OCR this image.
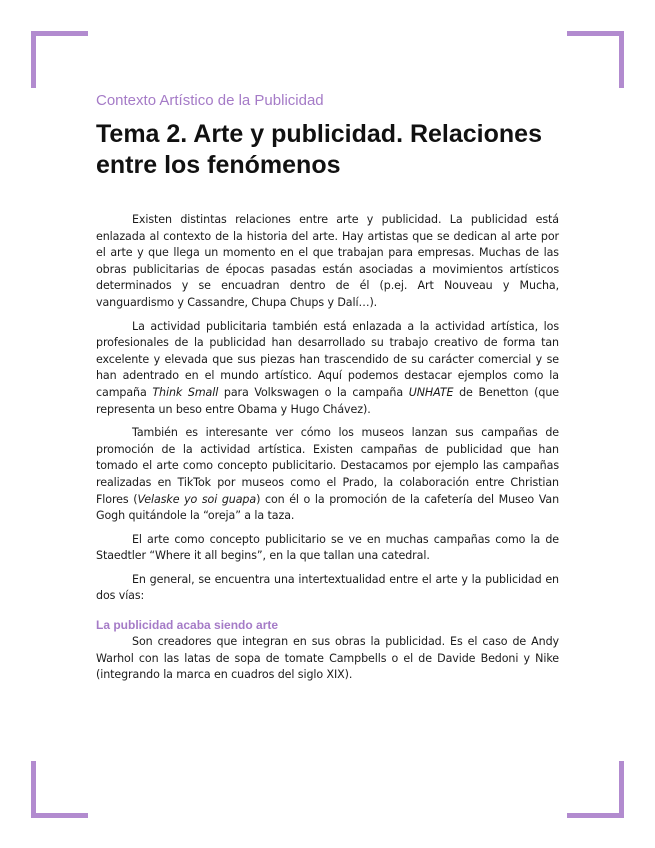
Contexto Artístico de la Publicidad
Tema 2. Arte y publicidad. Relaciones entre los fenómenos

Existen distintas relaciones entre arte y publicidad. La publicidad está enlazada al contexto de la historia del arte. Hay artistas que se dedican al arte por el arte y que llega un momento en el que trabajan para empresas. Muchas de las obras publicitarias de épocas pasadas están asociadas a movimientos artísticos determinados y se encuadran dentro de él (p.ej. Art Nouveau y Mucha, vanguardismo y Cassandre, Chupa Chups y Dalí…).

La actividad publicitaria también está enlazada a la actividad artística, los profesionales de la publicidad han desarrollado su trabajo creativo de forma tan excelente y elevada que sus piezas han trascendido de su carácter comercial y se han adentrado en el mundo artístico. Aquí podemos destacar ejemplos como la campaña Think Small para Volkswagen o la campaña UNHATE de Benetton (que representa un beso entre Obama y Hugo Chávez).

También es interesante ver cómo los museos lanzan sus campañas de promoción de la actividad artística. Existen campañas de publicidad que han tomado el arte como concepto publicitario. Destacamos por ejemplo las campañas realizadas en TikTok por museos como el Prado, la colaboración entre Christian Flores (Velaske yo soi guapa) con él o la promoción de la cafetería del Museo Van Gogh quitándole la “oreja” a la taza.

El arte como concepto publicitario se ve en muchas campañas como la de Staedtler “Where it all begins”, en la que tallan una catedral.

En general, se encuentra una intertextualidad entre el arte y la publicidad en dos vías:

La publicidad acaba siendo arte

Son creadores que integran en sus obras la publicidad. Es el caso de Andy Warhol con las latas de sopa de tomate Campbells o el de Davide Bedoni y Nike (integrando la marca en cuadros del siglo XIX).
